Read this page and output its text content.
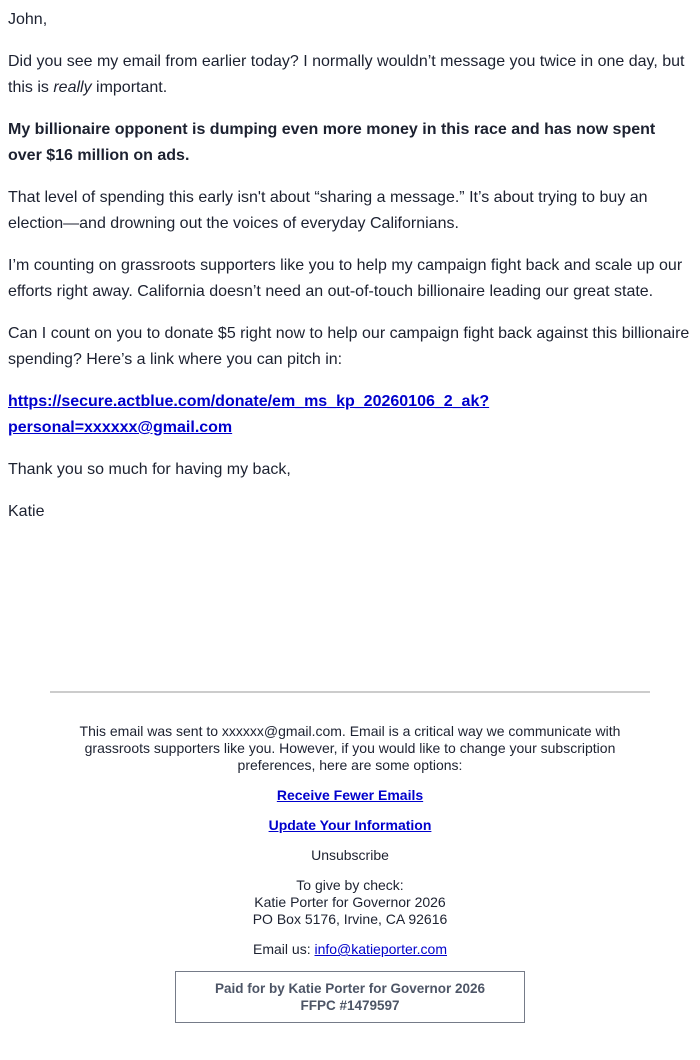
John,

Did you see my email from earlier today? I normally wouldn’t message you twice in one day, but this is really important.

My billionaire opponent is dumping even more money in this race and has now spent over $16 million on ads.

That level of spending this early isn't about “sharing a message.” It’s about trying to buy an election—and drowning out the voices of everyday Californians.

I’m counting on grassroots supporters like you to help my campaign fight back and scale up our efforts right away. California doesn’t need an out-of-touch billionaire leading our great state.

Can I count on you to donate $5 right now to help our campaign fight back against this billionaire spending? Here’s a link where you can pitch in:

https://secure.actblue.com/donate/em_ms_kp_20260106_2_ak?
personal=xxxxxx@gmail.com

Thank you so much for having my back,

Katie

This email was sent to xxxxxx@gmail.com. Email is a critical way we communicate with grassroots supporters like you. However, if you would like to change your subscription preferences, here are some options:

Receive Fewer Emails

Update Your Information

Unsubscribe

To give by check:
Katie Porter for Governor 2026
PO Box 5176, Irvine, CA 92616

Email us: info@katieporter.com

Paid for by Katie Porter for Governor 2026
FFPC #1479597
